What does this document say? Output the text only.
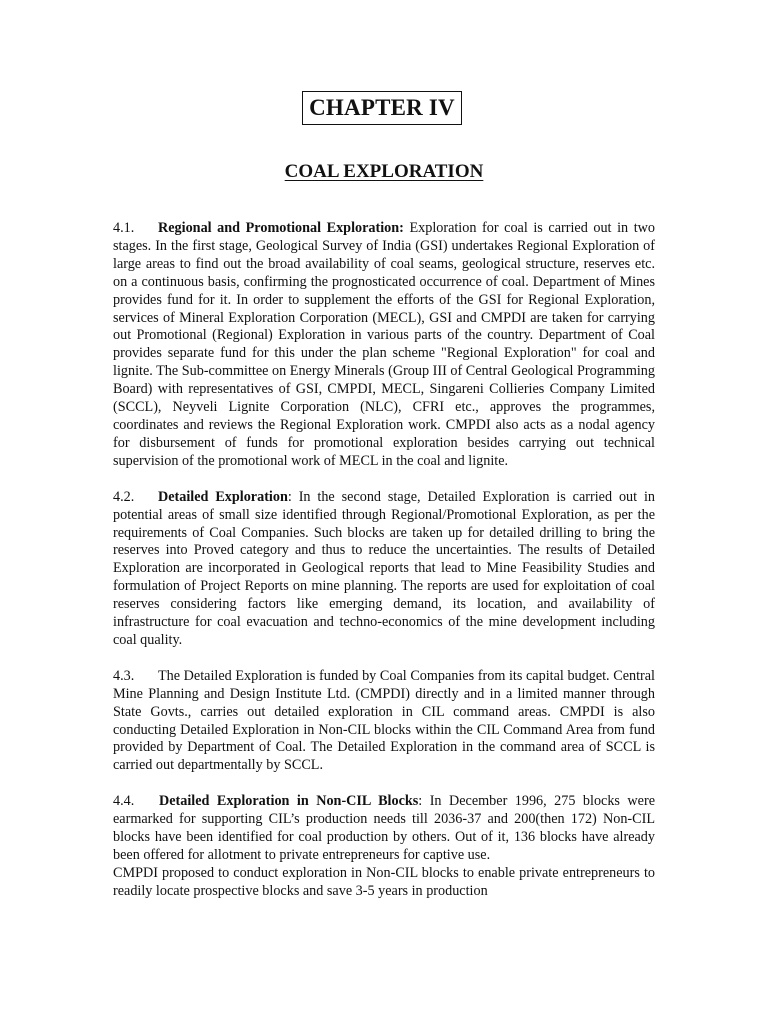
CHAPTER IV
COAL EXPLORATION

4.1. Regional and Promotional Exploration: Exploration for coal is carried out in two stages. In the first stage, Geological Survey of India (GSI) undertakes Regional Exploration of large areas to find out the broad availability of coal seams, geological structure, reserves etc. on a continuous basis, confirming the prognosticated occurrence of coal. Department of Mines provides fund for it. In order to supplement the efforts of the GSI for Regional Exploration, services of Mineral Exploration Corporation (MECL), GSI and CMPDI are taken for carrying out Promotional (Regional) Exploration in various parts of the country. Department of Coal provides separate fund for this under the plan scheme "Regional Exploration" for coal and lignite. The Sub-committee on Energy Minerals (Group III of Central Geological Programming Board) with representatives of GSI, CMPDI, MECL, Singareni Collieries Company Limited (SCCL), Neyveli Lignite Corporation (NLC), CFRI etc., approves the programmes, coordinates and reviews the Regional Exploration work. CMPDI also acts as a nodal agency for disbursement of funds for promotional exploration besides carrying out technical supervision of the promotional work of MECL in the coal and lignite.

4.2. Detailed Exploration: In the second stage, Detailed Exploration is carried out in potential areas of small size identified through Regional/Promotional Exploration, as per the requirements of Coal Companies. Such blocks are taken up for detailed drilling to bring the reserves into Proved category and thus to reduce the uncertainties. The results of Detailed Exploration are incorporated in Geological reports that lead to Mine Feasibility Studies and formulation of Project Reports on mine planning. The reports are used for exploitation of coal reserves considering factors like emerging demand, its location, and availability of infrastructure for coal evacuation and techno-economics of the mine development including coal quality.

4.3. The Detailed Exploration is funded by Coal Companies from its capital budget. Central Mine Planning and Design Institute Ltd. (CMPDI) directly and in a limited manner through State Govts., carries out detailed exploration in CIL command areas. CMPDI is also conducting Detailed Exploration in Non-CIL blocks within the CIL Command Area from fund provided by Department of Coal. The Detailed Exploration in the command area of SCCL is carried out departmentally by SCCL.

4.4. Detailed Exploration in Non-CIL Blocks: In December 1996, 275 blocks were earmarked for supporting CIL’s production needs till 2036-37 and 200(then 172) Non-CIL blocks have been identified for coal production by others. Out of it, 136 blocks have already been offered for allotment to private entrepreneurs for captive use.

CMPDI proposed to conduct exploration in Non-CIL blocks to enable private entrepreneurs to readily locate prospective blocks and save 3-5 years in production
